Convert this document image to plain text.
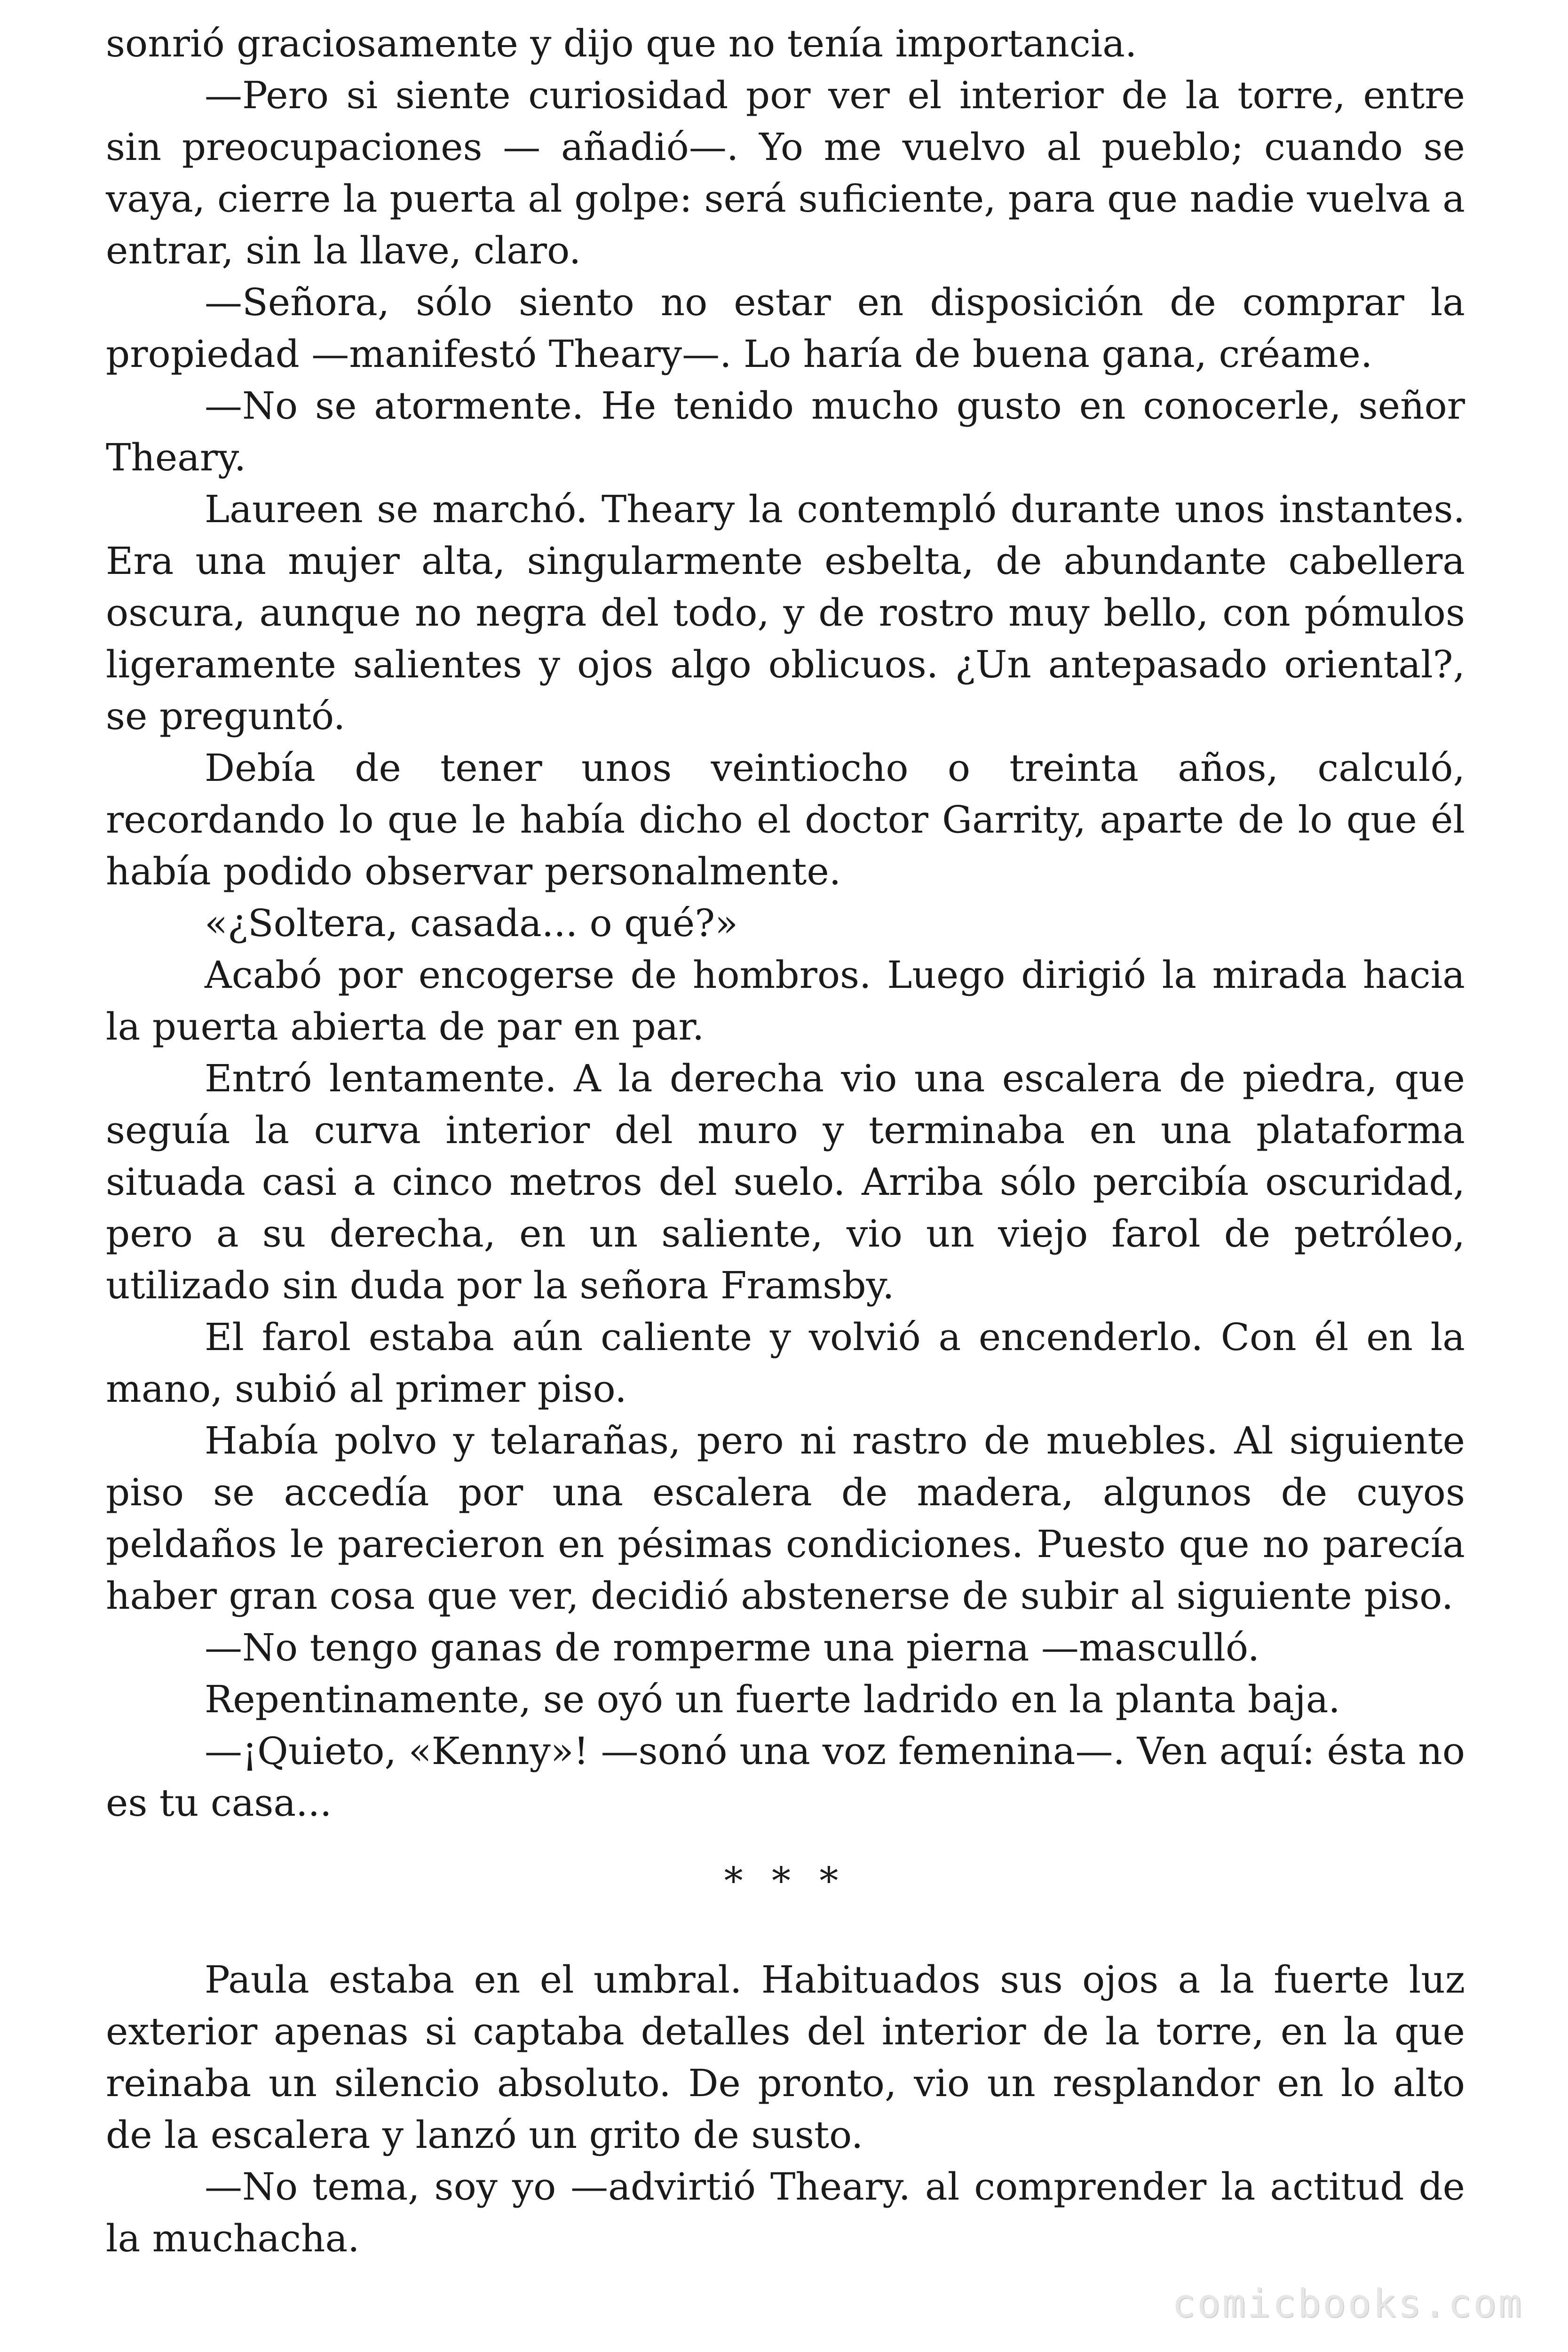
sonrió graciosamente y dijo que no tenía importancia.

—Pero si siente curiosidad por ver el interior de la torre, entre sin preocupaciones — añadió—. Yo me vuelvo al pueblo; cuando se vaya, cierre la puerta al golpe: será suficiente, para que nadie vuelva a entrar, sin la llave, claro.

—Señora, sólo siento no estar en disposición de comprar la propiedad —manifestó Theary—. Lo haría de buena gana, créame.

—No se atormente. He tenido mucho gusto en conocerle, señor Theary.

Laureen se marchó. Theary la contempló durante unos instantes. Era una mujer alta, singularmente esbelta, de abundante cabellera oscura, aunque no negra del todo, y de rostro muy bello, con pómulos ligeramente salientes y ojos algo oblicuos. ¿Un antepasado oriental?, se preguntó.

Debía de tener unos veintiocho o treinta años, calculó, recordando lo que le había dicho el doctor Garrity, aparte de lo que él había podido observar personalmente.

«¿Soltera, casada... o qué?»

Acabó por encogerse de hombros. Luego dirigió la mirada hacia la puerta abierta de par en par.

Entró lentamente. A la derecha vio una escalera de piedra, que seguía la curva interior del muro y terminaba en una plataforma situada casi a cinco metros del suelo. Arriba sólo percibía oscuridad, pero a su derecha, en un saliente, vio un viejo farol de petróleo, utilizado sin duda por la señora Framsby.

El farol estaba aún caliente y volvió a encenderlo. Con él en la mano, subió al primer piso.

Había polvo y telarañas, pero ni rastro de muebles. Al siguiente piso se accedía por una escalera de madera, algunos de cuyos peldaños le parecieron en pésimas condiciones. Puesto que no parecía haber gran cosa que ver, decidió abstenerse de subir al siguiente piso.

—No tengo ganas de romperme una pierna —masculló.

Repentinamente, se oyó un fuerte ladrido en la planta baja.

—¡Quieto, «Kenny»! —sonó una voz femenina—. Ven aquí: ésta no es tu casa...

* * *

Paula estaba en el umbral. Habituados sus ojos a la fuerte luz exterior apenas si captaba detalles del interior de la torre, en la que reinaba un silencio absoluto. De pronto, vio un resplandor en lo alto de la escalera y lanzó un grito de susto.

—No tema, soy yo —advirtió Theary. al comprender la actitud de la muchacha.

comicbooks.com
